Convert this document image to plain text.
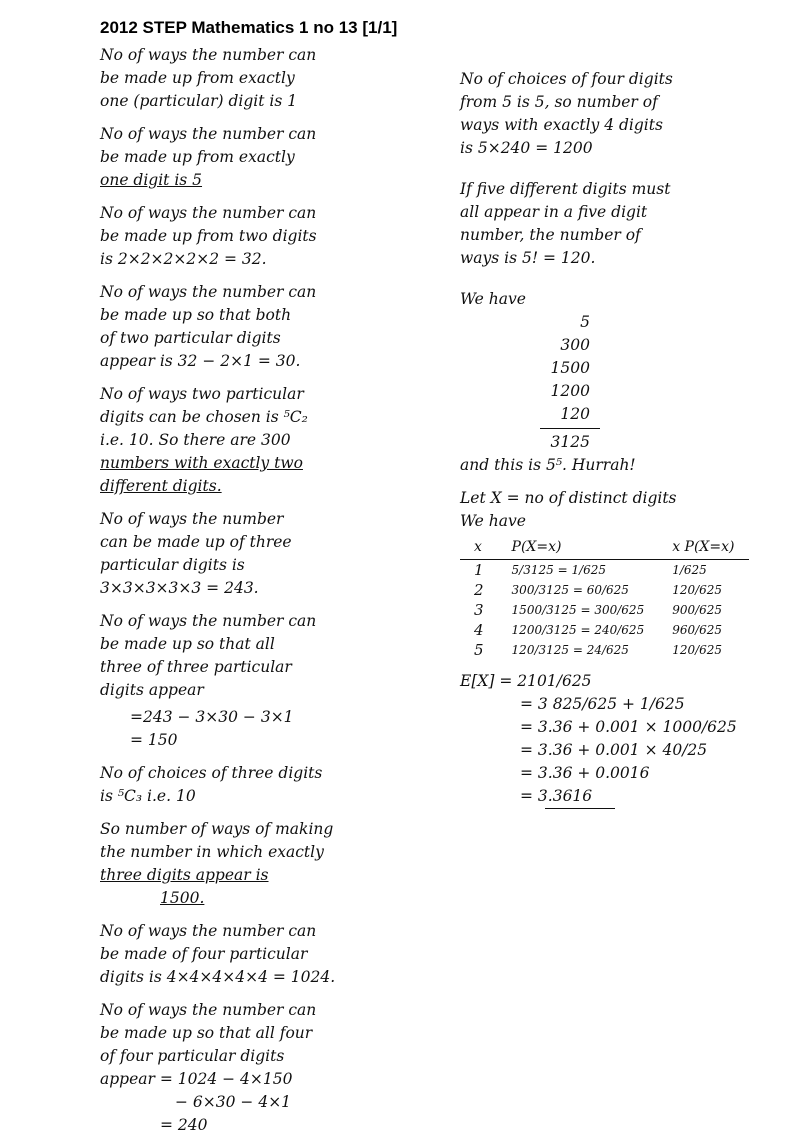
2012 STEP Mathematics 1 no 13 [1/1]
No of ways the number can
be made up from exactly
one (particular) digit is 1
No of ways the number can
be made up from exactly
one digit is 5
No of ways the number can
be made up from two digits
is 2×2×2×2×2 = 32.
No of ways the number can
be made up so that both
of two particular digits
appear is 32 − 2×1 = 30.
No of ways two particular
digits can be chosen is ⁵C₂
i.e. 10. So there are 300
numbers with exactly two
different digits.
No of ways the number
can be made up of three
particular digits is
3×3×3×3×3 = 243.
No of ways the number can
be made up so that all
three of three particular
digits appear
=243 − 3×30 − 3×1
= 150
No of choices of three digits
is ⁵C₃ i.e. 10
So number of ways of making
the number in which exactly
three digits appear is
1500.
No of ways the number can
be made of four particular
digits is 4×4×4×4×4 = 1024.
No of ways the number can
be made up so that all four
of four particular digits
appear = 1024 − 4×150
− 6×30 − 4×1
= 240
No of choices of four digits
from 5 is 5, so number of
ways with exactly 4 digits
is 5×240 = 1200
If five different digits must
all appear in a five digit
number, the number of
ways is 5! = 120.
We have
5
300
1500
1200
120
3125
and this is 5⁵. Hurrah!
Let X = no of distinct digits
We have
x	P(X=x)	x P(X=x)
1	5/3125 = 1/625	1/625
2	300/3125 = 60/625	120/625
3	1500/3125 = 300/625	900/625
4	1200/3125 = 240/625	960/625
5	120/3125 = 24/625	120/625
E[X] = 2101/625
= 3 825/625 + 1/625
= 3.36 + 0.001 × 1000/625
= 3.36 + 0.001 × 40/25
= 3.36 + 0.0016
= 3.3616
